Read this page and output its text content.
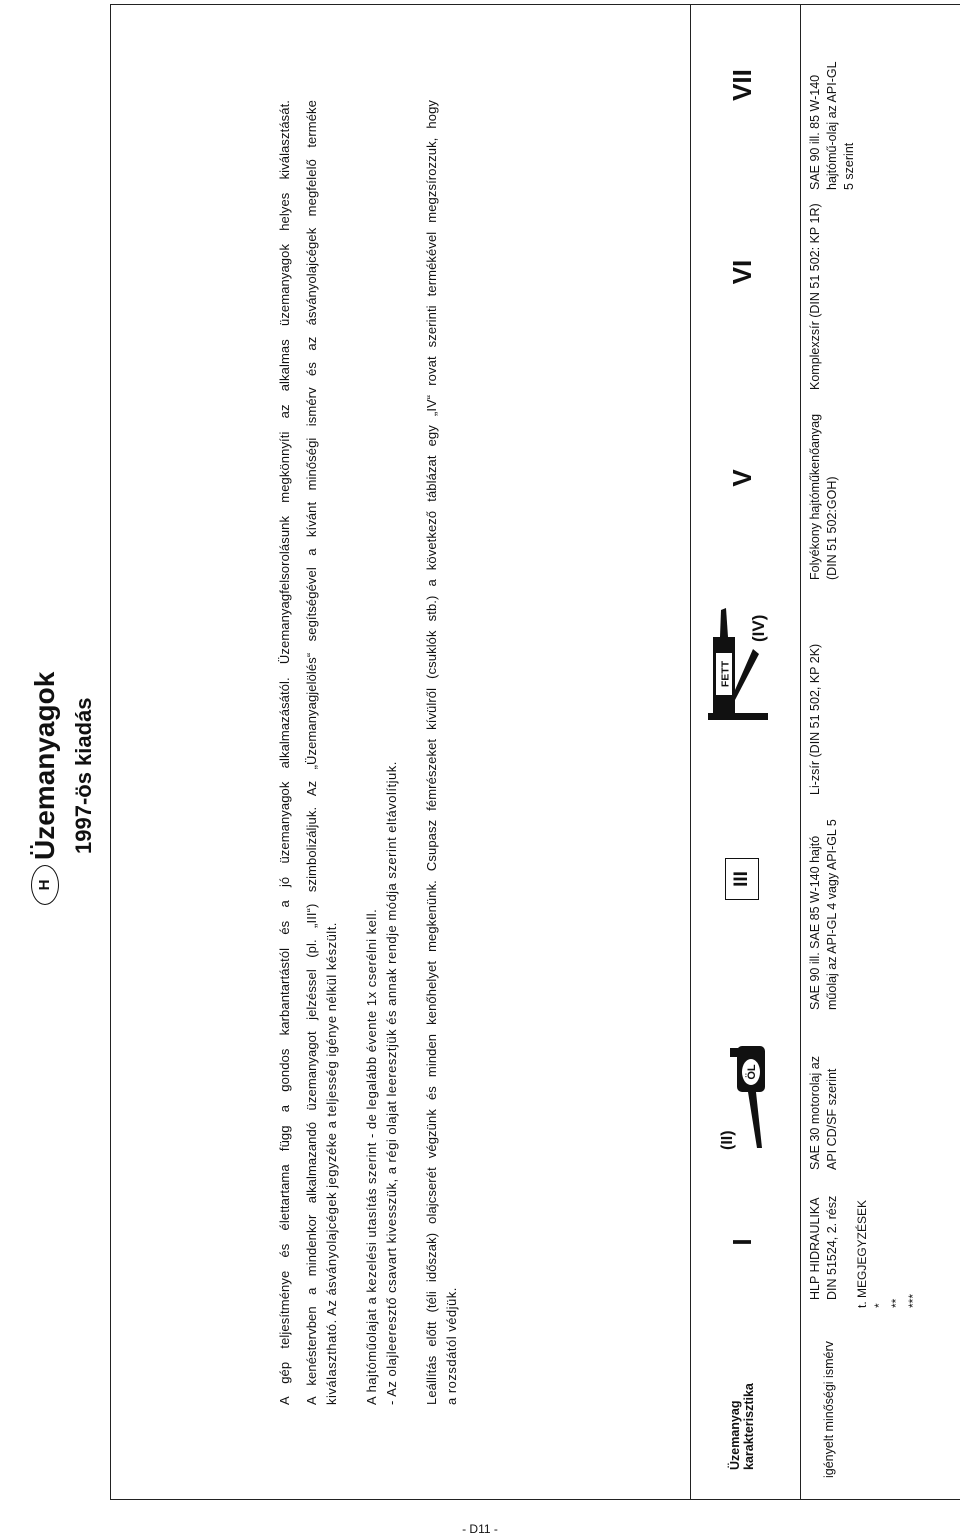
H
Üzemanyagok 1997-ös kiadás	A gép teljesítménye és élettartama függ a gondos karbantartástól és a jó üzemanyagok alkalmazásától. Üzemanyagfelsorolásunk megkönnyíti az alkalmas üzemanyagok helyes kiválasztását. A kenéstervben a mindenkor alkalmazandó üzemanyagot jelzéssel (pl. „III“) szimbolizáljuk. Az „Üzemanyagjelölés“ segítségével a kívánt minőségi ismérv és az ásványolajcégek megfelelő terméke kiválasztható. Az ásványolajcégek jegyzéke a teljesség igénye nélkül készült. A hajtóműolajat a kezelési utasítás szerint - de legalább évente 1x cserélni kell. - Az olajleeresztő csavart kivesszük, a régi olajat leeresztjük és annak rendje módja szerint eltávolítjuk. Leállítás előtt (téli időszak) olajcserét végzünk és minden kenőhelyet megkenünk. Csupasz fémrészeket kívülről (csuklók stb.) a következő táblázat egy „IV“ rovat szerinti termékével megzsírozzuk, hogy a rozsdától védjük.
Üzemanyag karakterisztika
I
(II)
ÖL
III
FETT
(IV)
V
VI
VII
igényelt minőségi ismérv
HLP HIDRAULIKA DIN 51524, 2. rész
SAE 30 motorolaj az API CD/SF szerint
SAE 90 ill. SAE 85 W-140 hajtó műolaj az API-GL 4 vagy API-GL 5
Li-zsír (DIN 51 502, KP 2K)
Folyékony hajtóműkenőanyag (DIN 51 502:GOH)
Komplexzsír (DIN 51 502: KP 1R)
SAE 90 ill. 85 W-140 hajtómű-olaj az API-GL 5 szerint
t. MEGJEGYZÉSEK * ** ***
- D11 -
